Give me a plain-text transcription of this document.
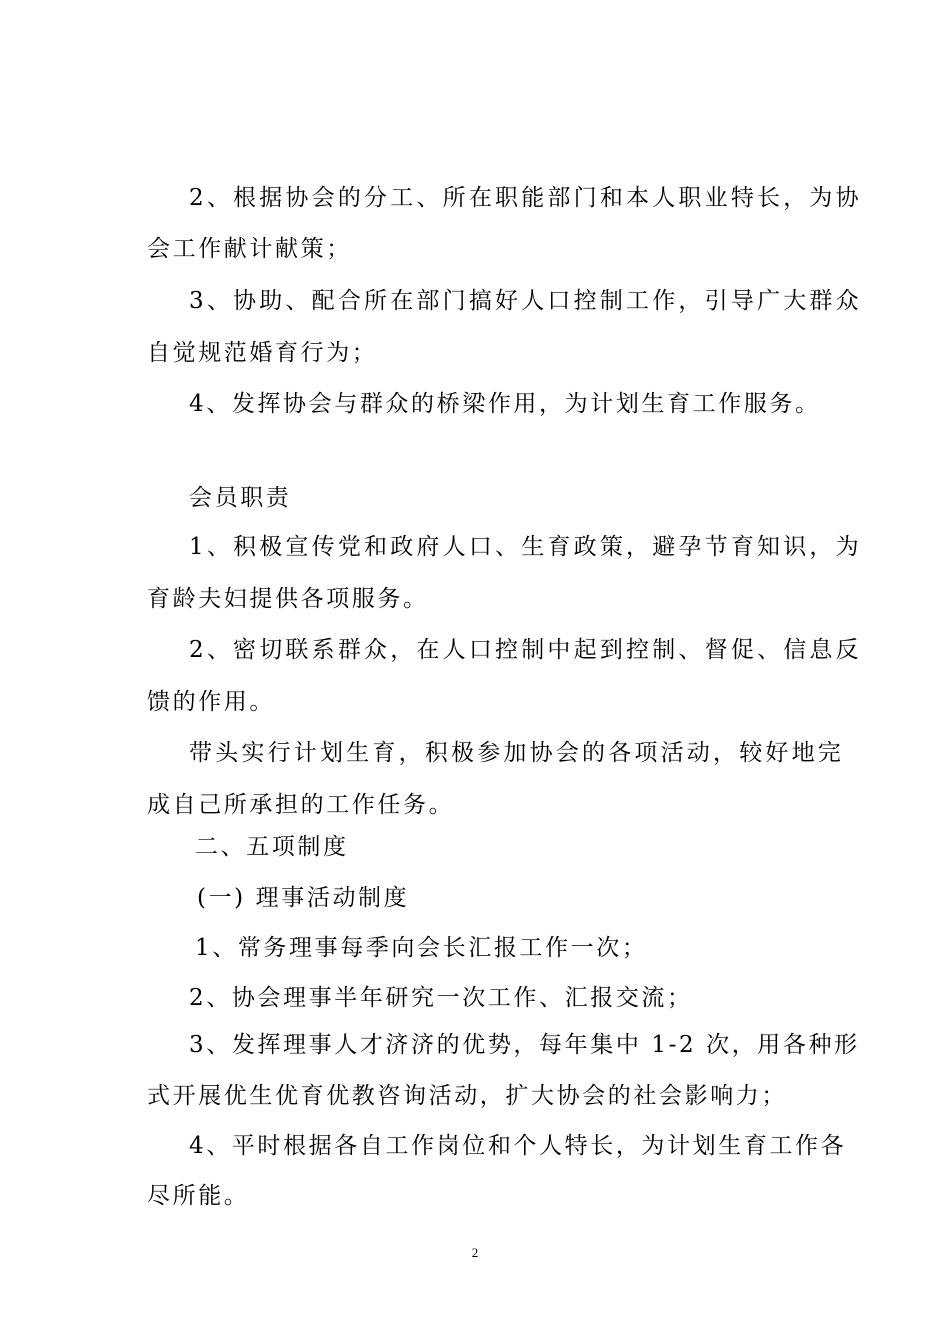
2、根据协会的分工、所在职能部门和本人职业特长，为协
会工作献计献策；
3、协助、配合所在部门搞好人口控制工作，引导广大群众
自觉规范婚育行为；
4、发挥协会与群众的桥梁作用，为计划生育工作服务。
会员职责
1、积极宣传党和政府人口、生育政策，避孕节育知识，为
育龄夫妇提供各项服务。
2、密切联系群众，在人口控制中起到控制、督促、信息反
馈的作用。
带头实行计划生育，积极参加协会的各项活动，较好地完
成自己所承担的工作任务。
二、五项制度
(一) 理事活动制度
1、常务理事每季向会长汇报工作一次；
2、协会理事半年研究一次工作、汇报交流；
3、发挥理事人才济济的优势，每年集中 1-2 次，用各种形
式开展优生优育优教咨询活动，扩大协会的社会影响力；
4、平时根据各自工作岗位和个人特长，为计划生育工作各
尽所能。
2
